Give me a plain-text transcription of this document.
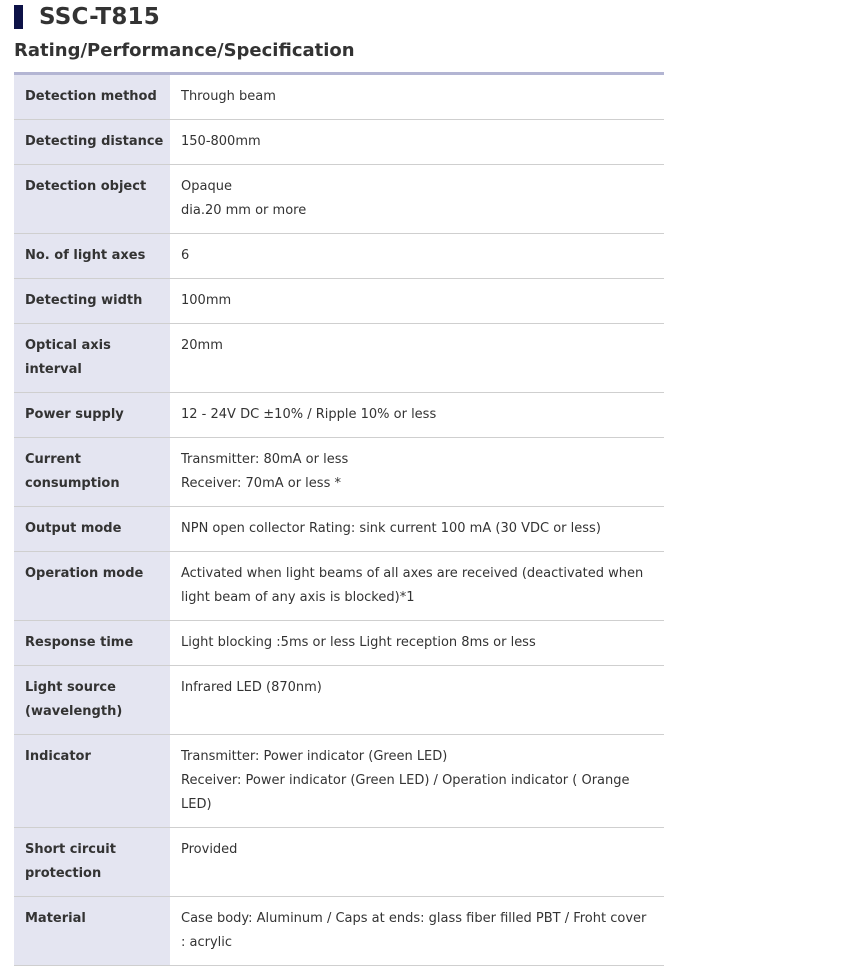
SSC-T815
Rating/Performance/Specification
Detection method	Through beam

Detecting distance	150-800mm

Detection object	Opaque
dia.20 mm or more

No. of light axes	6

Detecting width	100mm

Optical axis interval	20mm

Power supply	12 - 24V DC ±10% / Ripple 10% or less

Current consumption	Transmitter: 80mA or less
Receiver: 70mA or less *

Output mode	NPN open collector Rating: sink current 100 mA (30 VDC or less)

Operation mode	Activated when light beams of all axes are received (deactivated when light beam of any axis is blocked)*1

Response time	Light blocking :5ms or less Light reception 8ms or less

Light source (wavelength)	Infrared LED (870nm)

Indicator	Transmitter: Power indicator (Green LED)
Receiver: Power indicator (Green LED) / Operation indicator ( Orange LED)

Short circuit protection	Provided

Material	Case body: Aluminum / Caps at ends: glass fiber filled PBT / Froht cover : acrylic
